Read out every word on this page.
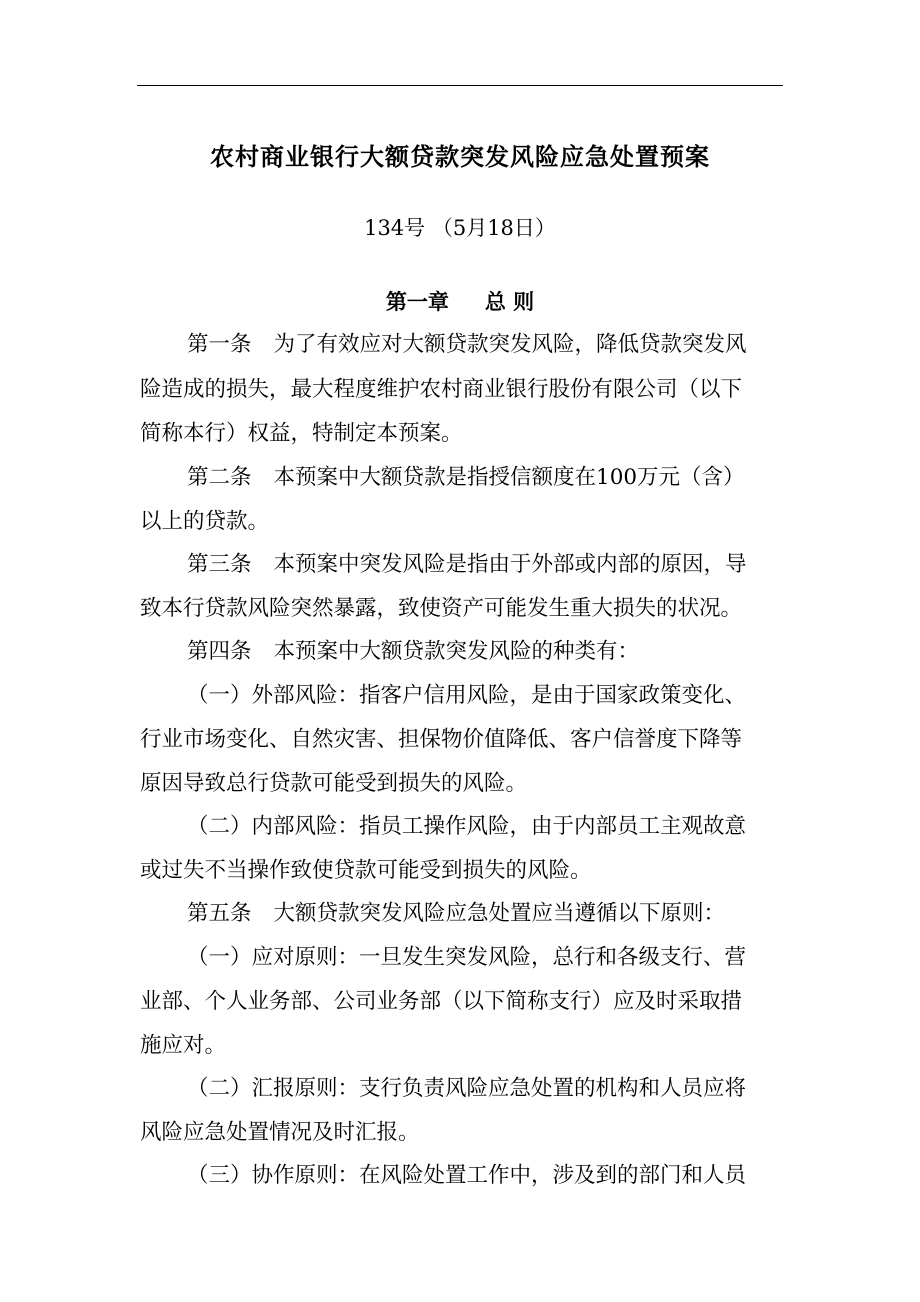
农村商业银行大额贷款突发风险应急处置预案
134号 （5月18日）
第一章 总 则
第一条 为了有效应对大额贷款突发风险，降低贷款突发风
险造成的损失，最大程度维护农村商业银行股份有限公司（以下
简称本行）权益，特制定本预案。
第二条 本预案中大额贷款是指授信额度在100万元（含）
以上的贷款。
第三条 本预案中突发风险是指由于外部或内部的原因，导
致本行贷款风险突然暴露，致使资产可能发生重大损失的状况。
第四条 本预案中大额贷款突发风险的种类有：
（一）外部风险：指客户信用风险，是由于国家政策变化、
行业市场变化、自然灾害、担保物价值降低、客户信誉度下降等
原因导致总行贷款可能受到损失的风险。
（二）内部风险：指员工操作风险，由于内部员工主观故意
或过失不当操作致使贷款可能受到损失的风险。
第五条 大额贷款突发风险应急处置应当遵循以下原则：
（一）应对原则：一旦发生突发风险，总行和各级支行、营
业部、个人业务部、公司业务部（以下简称支行）应及时采取措
施应对。
（二）汇报原则：支行负责风险应急处置的机构和人员应将
风险应急处置情况及时汇报。
（三）协作原则：在风险处置工作中，涉及到的部门和人员
